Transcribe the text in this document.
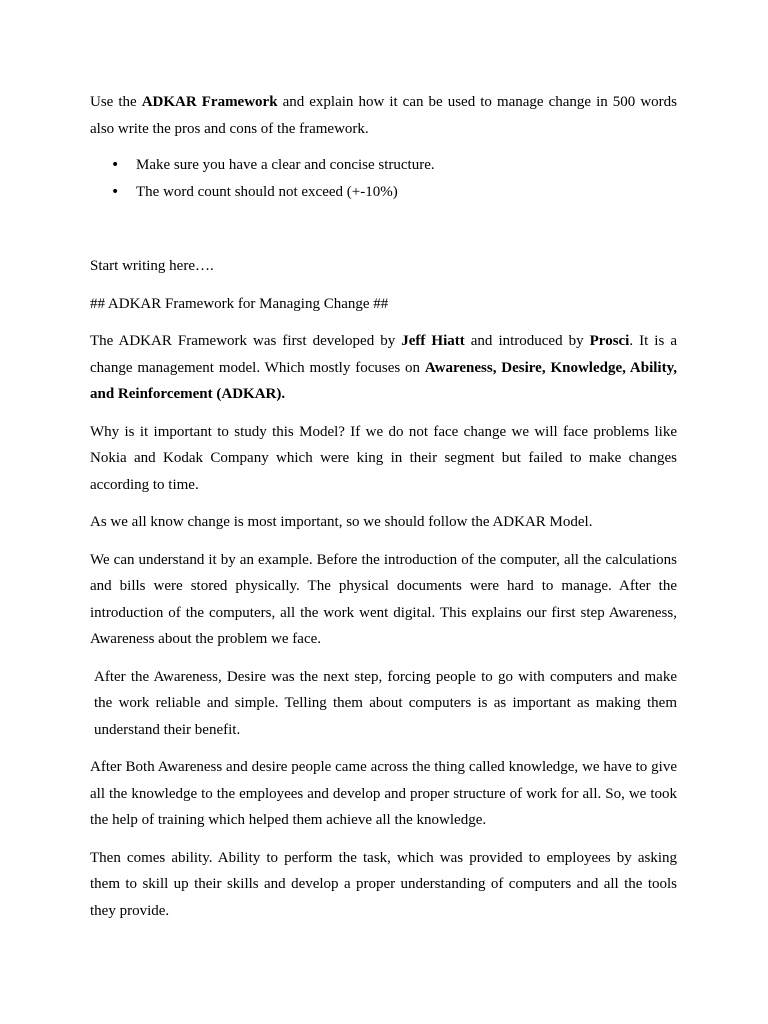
Use the ADKAR Framework and explain how it can be used to manage change in 500 words also write the pros and cons of the framework.

• Make sure you have a clear and concise structure.
• The word count should not exceed (+-10%)

Start writing here….

## ADKAR Framework for Managing Change ##

The ADKAR Framework was first developed by Jeff Hiatt and introduced by Prosci. It is a change management model. Which mostly focuses on Awareness, Desire, Knowledge, Ability, and Reinforcement (ADKAR).

Why is it important to study this Model? If we do not face change we will face problems like Nokia and Kodak Company which were king in their segment but failed to make changes according to time.

As we all know change is most important, so we should follow the ADKAR Model.

We can understand it by an example. Before the introduction of the computer, all the calculations and bills were stored physically. The physical documents were hard to manage. After the introduction of the computers, all the work went digital. This explains our first step Awareness, Awareness about the problem we face.

After the Awareness, Desire was the next step, forcing people to go with computers and make the work reliable and simple. Telling them about computers is as important as making them understand their benefit.

After Both Awareness and desire people came across the thing called knowledge, we have to give all the knowledge to the employees and develop and proper structure of work for all. So, we took the help of training which helped them achieve all the knowledge.

Then comes ability. Ability to perform the task, which was provided to employees by asking them to skill up their skills and develop a proper understanding of computers and all the tools they provide.
